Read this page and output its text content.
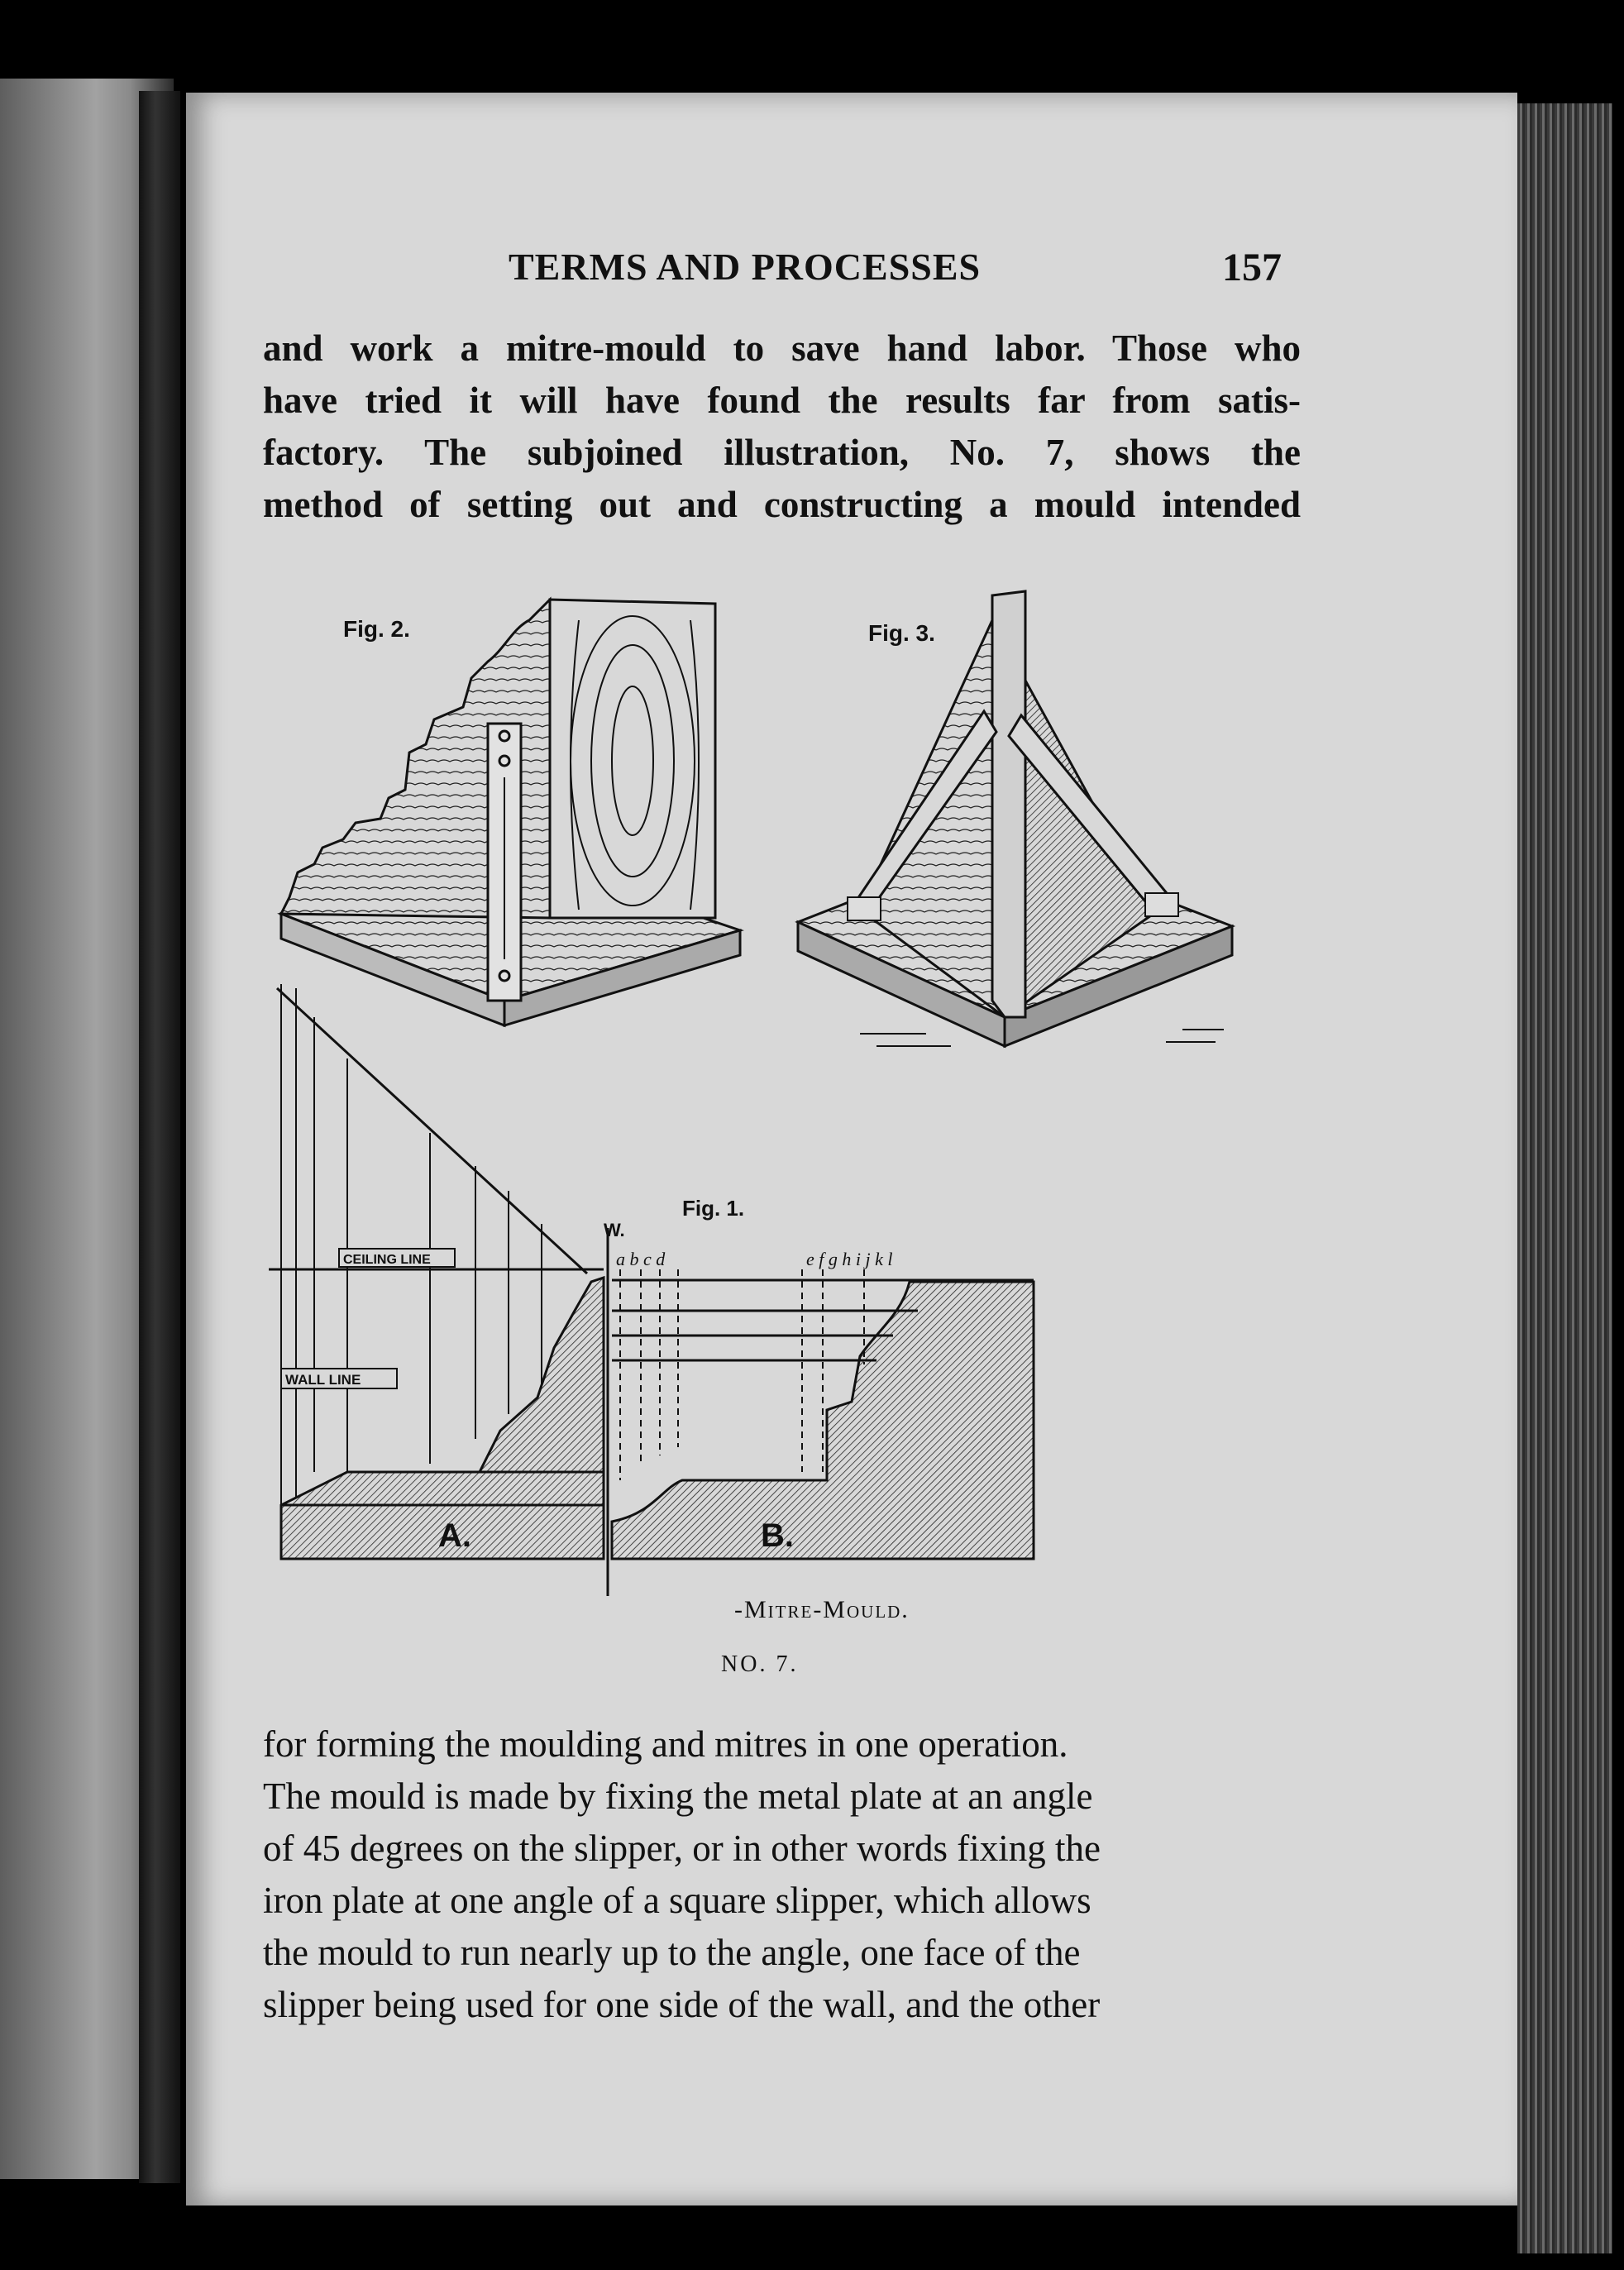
TERMS AND PROCESSES	157
and work a mitre-mould to save hand labor. Those who
have tried it will have found the results far from satis-
factory. The subjoined illustration, No. 7, shows the
method of setting out and constructing a mould intended
Fig. 2.	Fig. 3.
Fig. 1.
W.
CEILING LINE
WALL LINE
A.
a b c d	e f g h i j k l
B.
-Mitre-Mould.
NO. 7.
for forming the moulding and mitres in one operation.
The mould is made by fixing the metal plate at an angle
of 45 degrees on the slipper, or in other words fixing the
iron plate at one angle of a square slipper, which allows
the mould to run nearly up to the angle, one face of the
slipper being used for one side of the wall, and the other
